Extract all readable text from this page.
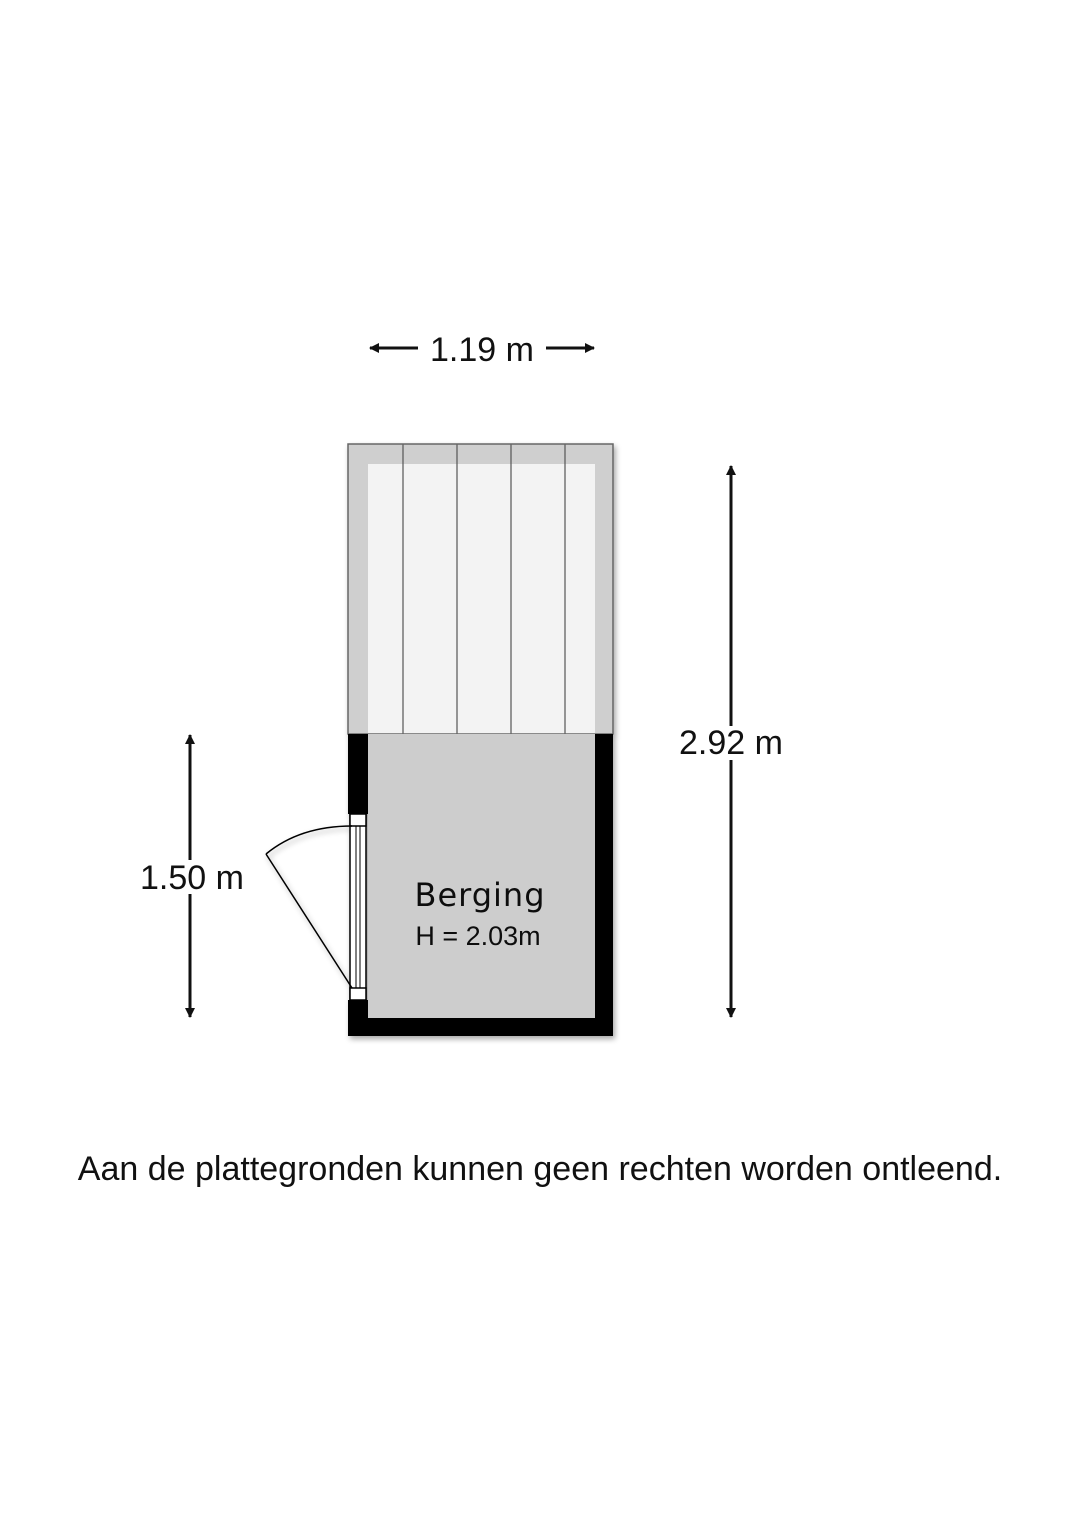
1.19 m
Berging
H = 2.03m
2.92 m
1.50 m

Aan de plattegronden kunnen geen rechten worden ontleend.
